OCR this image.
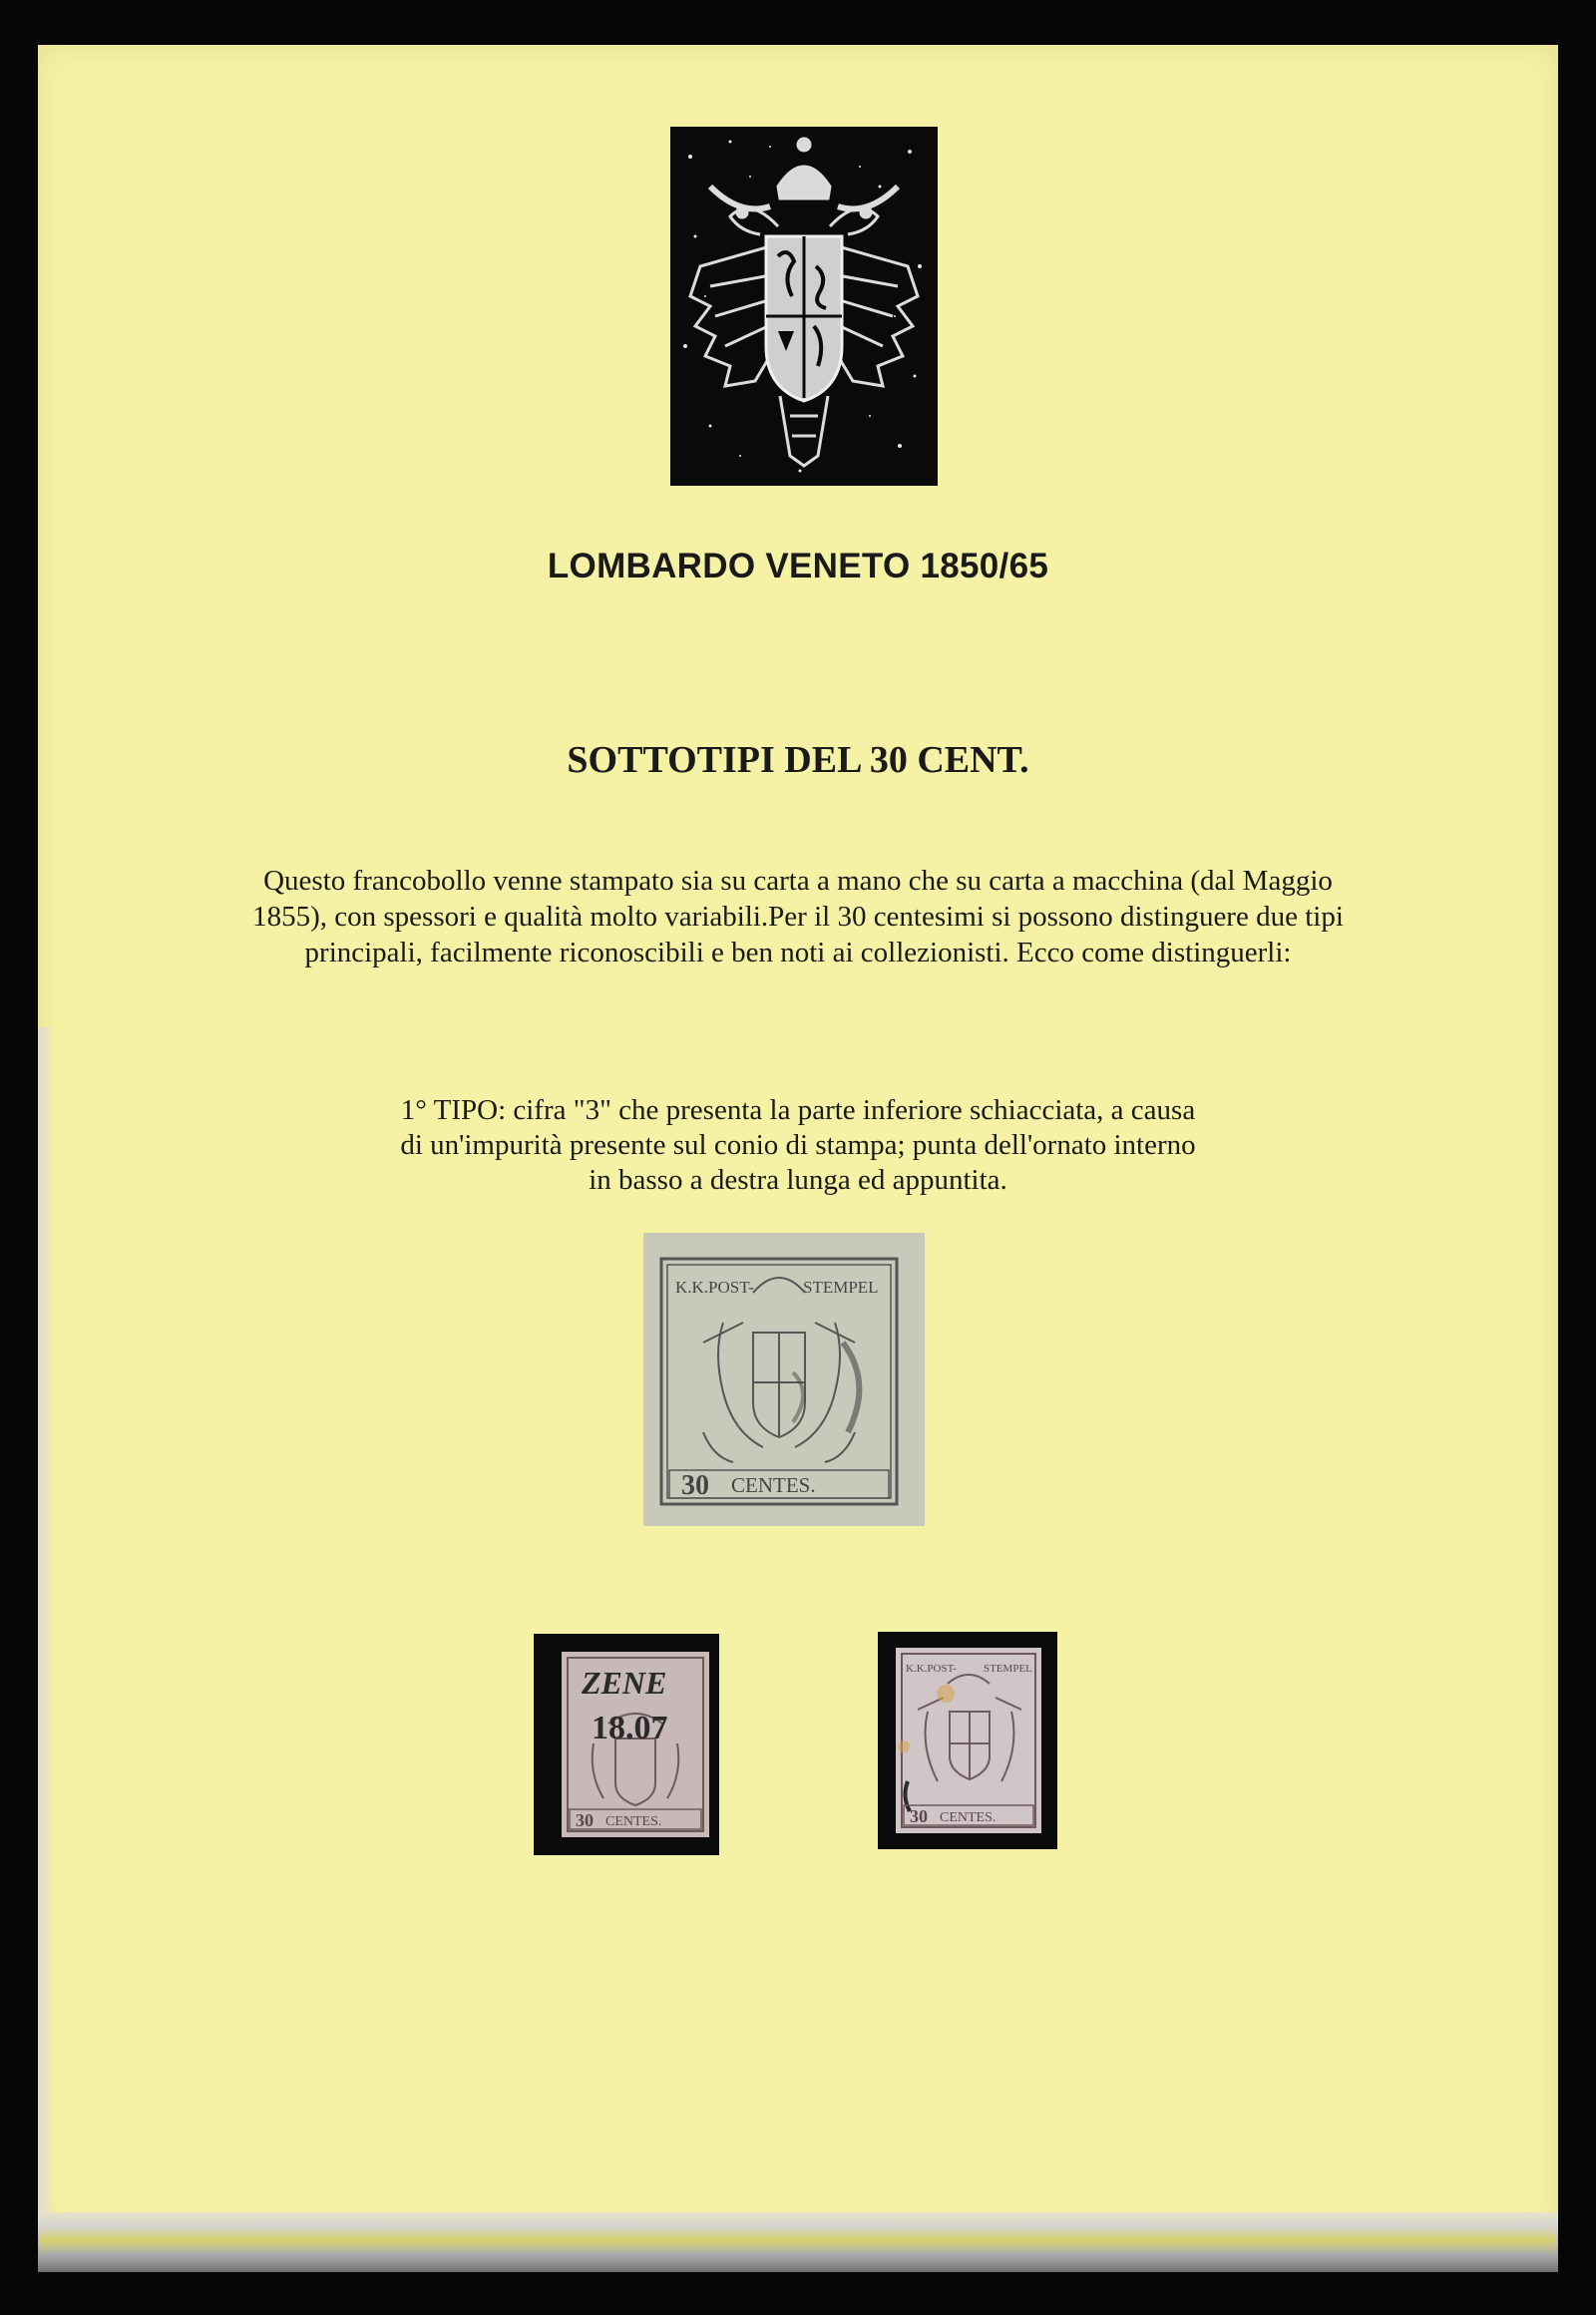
LOMBARDO VENETO 1850/65
SOTTOTIPI DEL 30 CENT.
Questo francobollo venne stampato sia su carta a mano che su carta a macchina (dal Maggio
1855), con spessori e qualità molto variabili.Per il 30 centesimi si possono distinguere due tipi
principali, facilmente riconoscibili e ben noti ai collezionisti. Ecco come distinguerli:
1° TIPO: cifra "3" che presenta la parte inferiore schiacciata, a causa
di un'impurità presente sul conio di stampa; punta dell'ornato interno
in basso a destra lunga ed appuntita.
K.K.POST-	STEMPEL
30 CENTES.
ZENE
18.07
30 CENTES.
K.K.POST- STEMPEL
30 CENTES.
